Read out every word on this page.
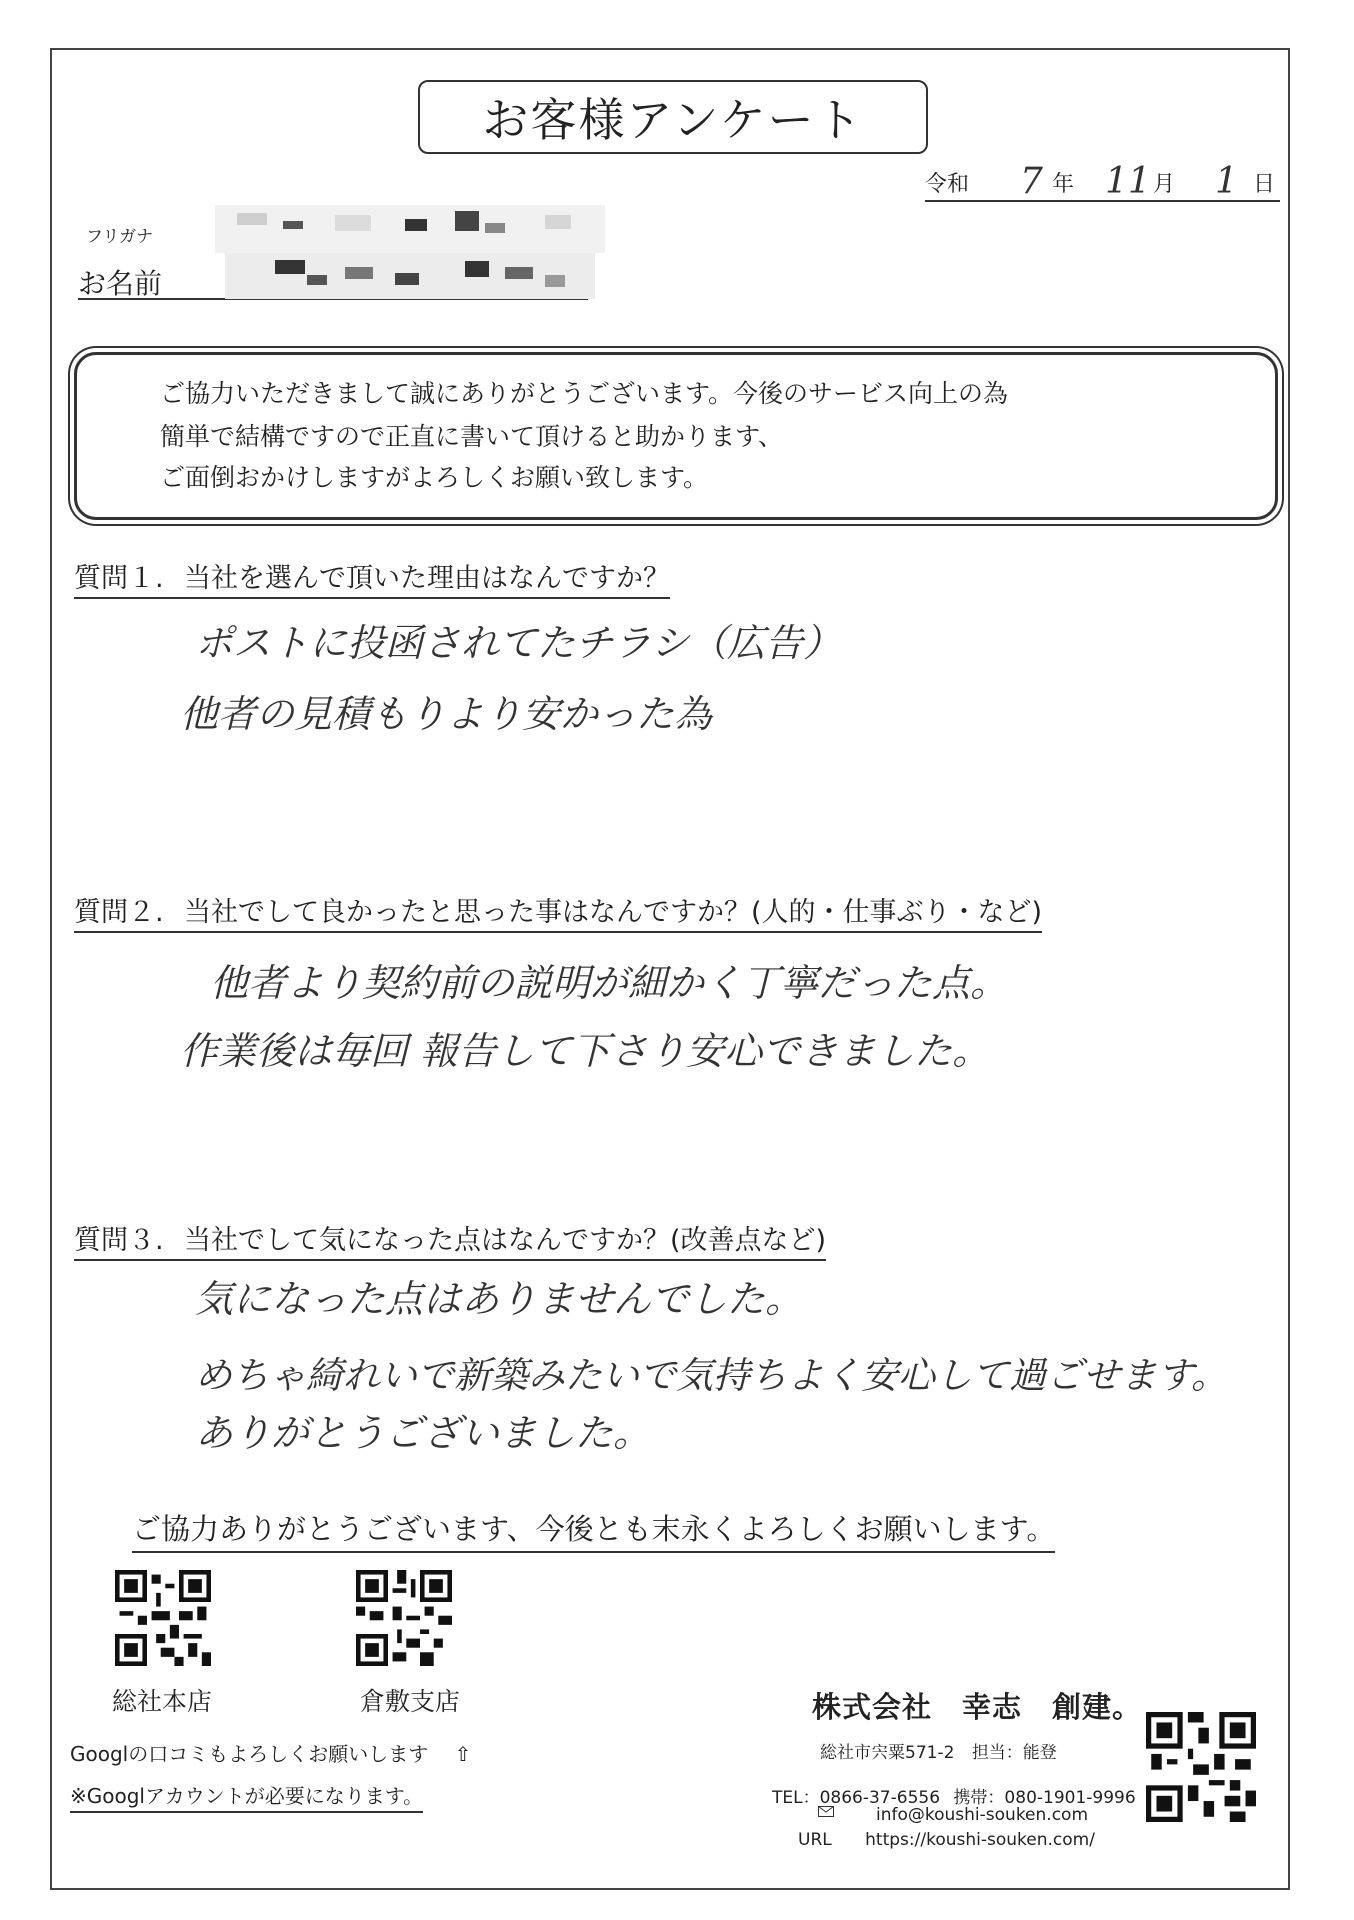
お客様アンケート
令和 7 年 11 月 1 日
フリガナ
お名前
ご協力いただきまして誠にありがとうございます。今後のサービス向上の為
簡単で結構ですので正直に書いて頂けると助かります、
ご面倒おかけしますがよろしくお願い致します。
質問１. 当社を選んで頂いた理由はなんですか？
ポストに投函されてたチラシ（広告）
他者の見積もりより安かった為
質問２. 当社でして良かったと思った事はなんですか？(人的・仕事ぶり・など)
他者より契約前の説明が細かく丁寧だった点。
作業後は毎回 報告して下さり安心できました。
質問３. 当社でして気になった点はなんですか？(改善点など)
気になった点はありませんでした。
めちゃ綺れいで新築みたいで気持ちよく安心して過ごせます。
ありがとうございました。
ご協力ありがとうございます、今後とも末永くよろしくお願いします。
総社本店	倉敷支店
Googlの口コミもよろしくお願いします ⇧
※Googlアカウントが必要になります。
株式会社　幸志　創建。
総社市宍粟571-2 担当：能登
TEL：0866-37-6556 携帯：080-1901-9996
info@koushi-souken.com
URL https://koushi-souken.com/
